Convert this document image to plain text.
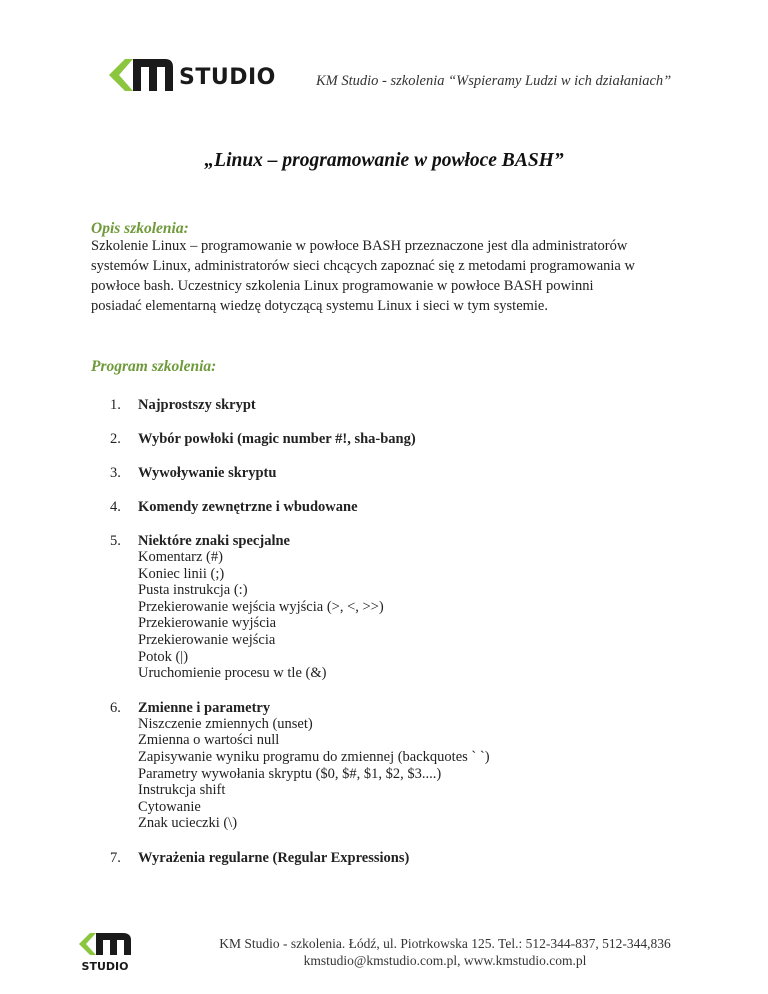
STUDIO	KM Studio - szkolenia “Wspieramy Ludzi w ich działaniach”
„Linux – programowanie w powłoce BASH”
Opis szkolenia:
Szkolenie Linux – programowanie w powłoce BASH przeznaczone jest dla administratorów
systemów Linux, administratorów sieci chcących zapoznać się z metodami programowania w
powłoce bash. Uczestnicy szkolenia Linux programowanie w powłoce BASH powinni
posiadać elementarną wiedzę dotyczącą systemu Linux i sieci w tym systemie.
Program szkolenia:
1. Najprostszy skrypt
2. Wybór powłoki (magic number #!, sha-bang)
3. Wywoływanie skryptu
4. Komendy zewnętrzne i wbudowane
5. Niektóre znaki specjalne
Komentarz (#)
Koniec linii (;)
Pusta instrukcja (:)
Przekierowanie wejścia wyjścia (>, <, >>)
Przekierowanie wyjścia
Przekierowanie wejścia
Potok (|)
Uruchomienie procesu w tle (&)
6. Zmienne i parametry
Niszczenie zmiennych (unset)
Zmienna o wartości null
Zapisywanie wyniku programu do zmiennej (backquotes ` `)
Parametry wywołania skryptu ($0, $#, $1, $2, $3....)
Instrukcja shift
Cytowanie
Znak ucieczki (\)
7. Wyrażenia regularne (Regular Expressions)
STUDIO
KM Studio - szkolenia. Łódź, ul. Piotrkowska 125. Tel.: 512-344-837, 512-344,836
kmstudio@kmstudio.com.pl, www.kmstudio.com.pl
